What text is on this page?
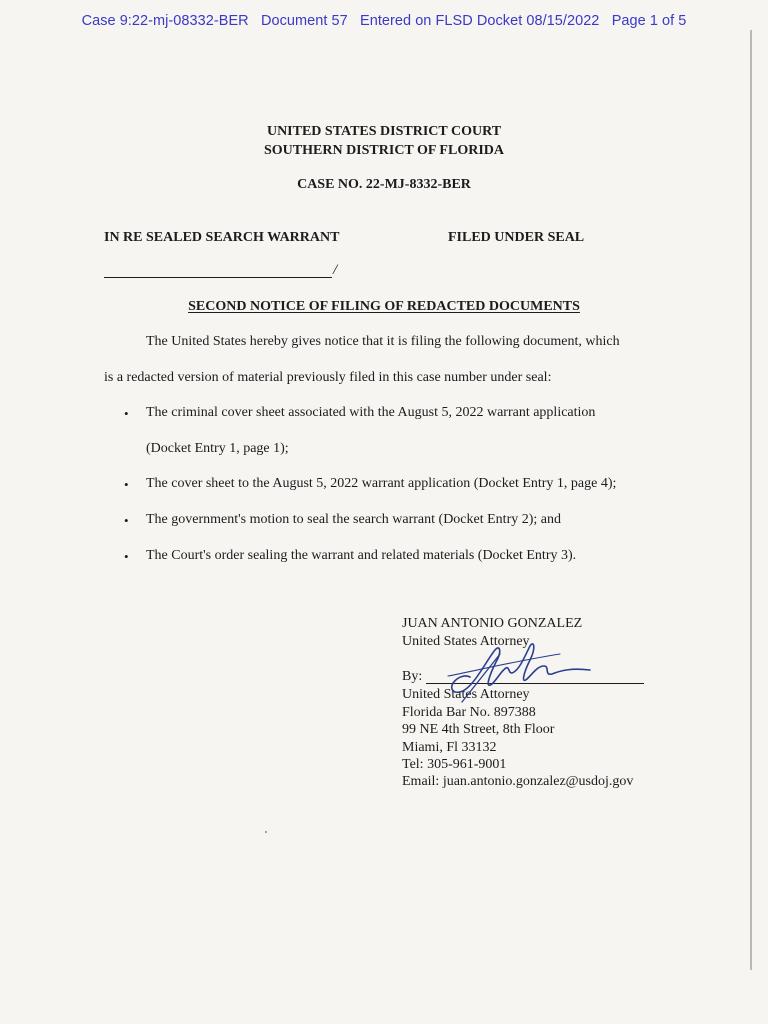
Case 9:22-mj-08332-BER Document 57 Entered on FLSD Docket 08/15/2022 Page 1 of 5
UNITED STATES DISTRICT COURT
SOUTHERN DISTRICT OF FLORIDA
CASE NO. 22-MJ-8332-BER
IN RE SEALED SEARCH WARRANT	FILED UNDER SEAL
/
SECOND NOTICE OF FILING OF REDACTED DOCUMENTS
The United States hereby gives notice that it is filing the following document, which
is a redacted version of material previously filed in this case number under seal:
• The criminal cover sheet associated with the August 5, 2022 warrant application
(Docket Entry 1, page 1);
• The cover sheet to the August 5, 2022 warrant application (Docket Entry 1, page 4);
• The government's motion to seal the search warrant (Docket Entry 2); and
• The Court's order sealing the warrant and related materials (Docket Entry 3).
JUAN ANTONIO GONZALEZ
United States Attorney
By:
United States Attorney
Florida Bar No. 897388
99 NE 4th Street, 8th Floor
Miami, Fl 33132
Tel: 305-961-9001
Email: juan.antonio.gonzalez@usdoj.gov
